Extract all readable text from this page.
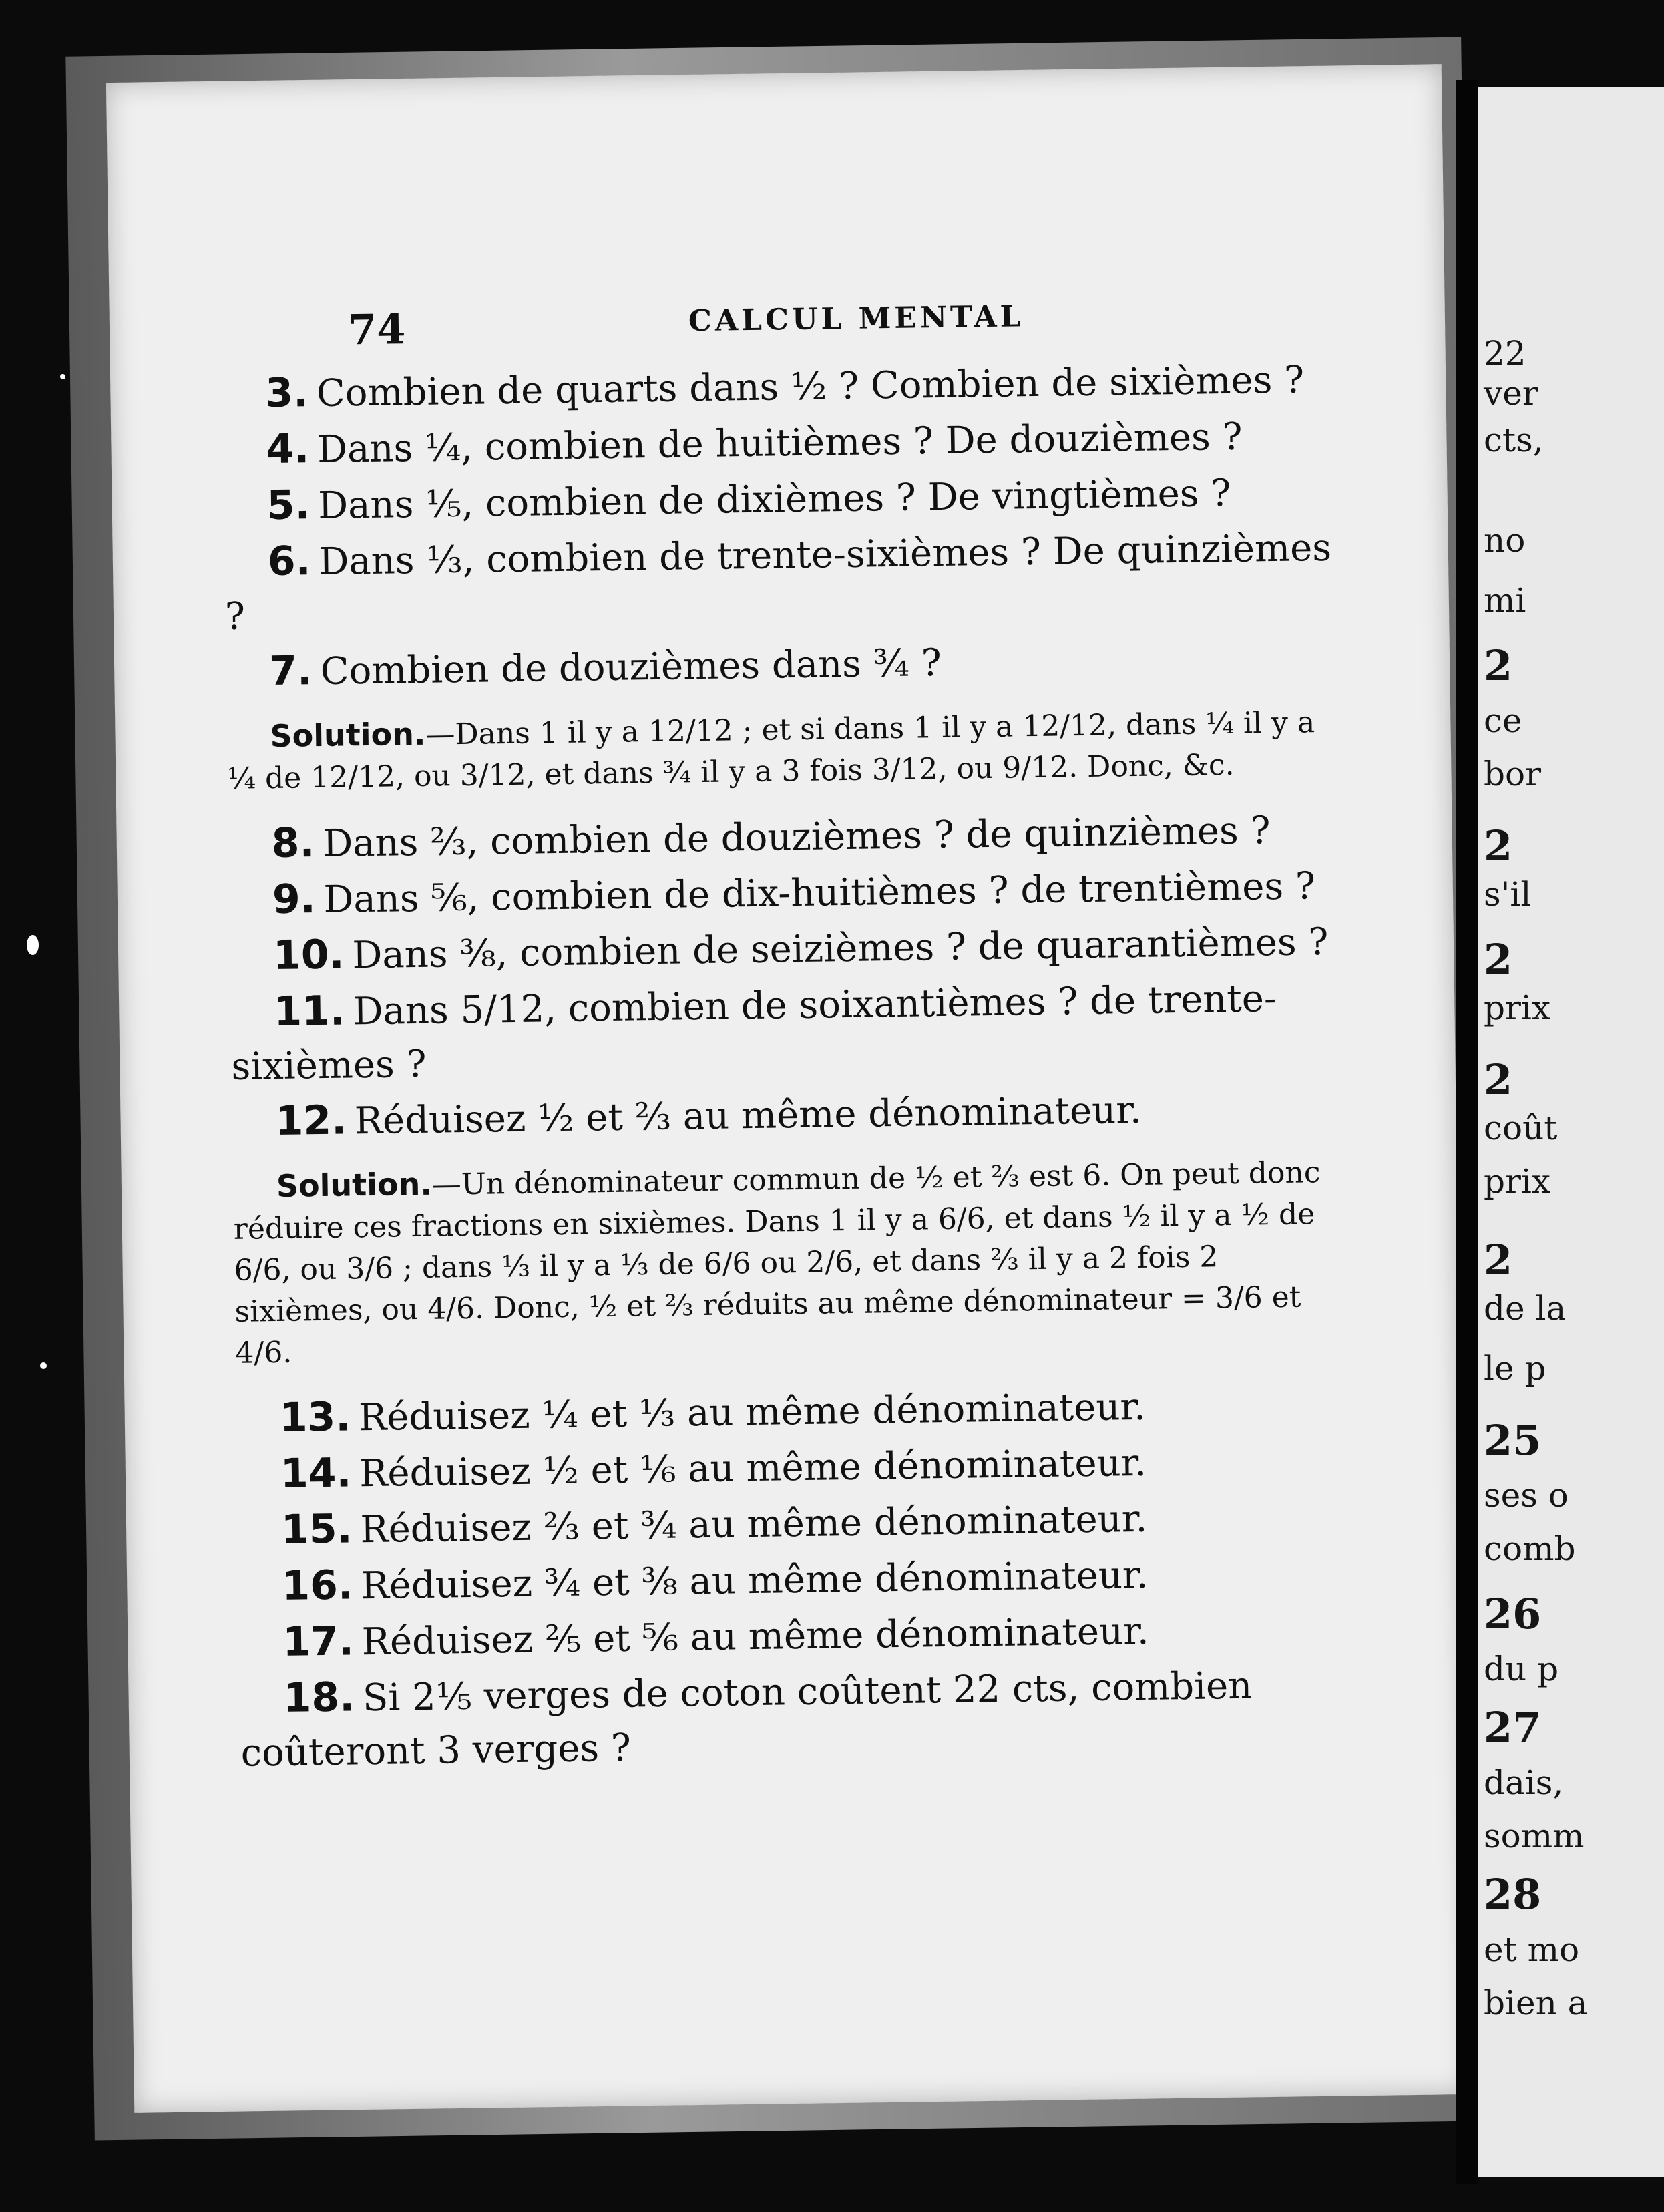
22
ver
cts,
no
mi
2
ce
bor
2
s'il
2
prix
2
coût
prix
2
de la
le p
25
ses o
comb
26
du p
27
dais,
somm
28
et mo
bien a
74	CALCUL MENTAL

3. Combien de quarts dans ½ ? Combien de sixièmes ?

4. Dans ¼, combien de huitièmes ? De douzièmes ?

5. Dans ⅕, combien de dixièmes ? De vingtièmes ?

6. Dans ⅓, combien de trente-sixièmes ? De quinzièmes ?

7. Combien de douzièmes dans ¾ ?

Solution.—Dans 1 il y a 12/12 ; et si dans 1 il y a 12/12, dans ¼ il y a ¼ de 12/12, ou 3/12, et dans ¾ il y a 3 fois 3/12, ou 9/12. Donc, &c.

8. Dans ⅔, combien de douzièmes ? de quinzièmes ?

9. Dans ⅚, combien de dix-huitièmes ? de trentièmes ?

10. Dans ⅜, combien de seizièmes ? de quarantièmes ?

11. Dans 5/12, combien de soixantièmes ? de trente-sixièmes ?

12. Réduisez ½ et ⅔ au même dénominateur.

Solution.—Un dénominateur commun de ½ et ⅔ est 6. On peut donc réduire ces fractions en sixièmes. Dans 1 il y a 6/6, et dans ½ il y a ½ de 6/6, ou 3/6 ; dans ⅓ il y a ⅓ de 6/6 ou 2/6, et dans ⅔ il y a 2 fois 2 sixièmes, ou 4/6. Donc, ½ et ⅔ réduits au même dénominateur = 3/6 et 4/6.

13. Réduisez ¼ et ⅓ au même dénominateur.

14. Réduisez ½ et ⅙ au même dénominateur.

15. Réduisez ⅔ et ¾ au même dénominateur.

16. Réduisez ¾ et ⅜ au même dénominateur.

17. Réduisez ⅖ et ⅚ au même dénominateur.

18. Si 2⅕ verges de coton coûtent 22 cts, combien coûteront 3 verges ?
